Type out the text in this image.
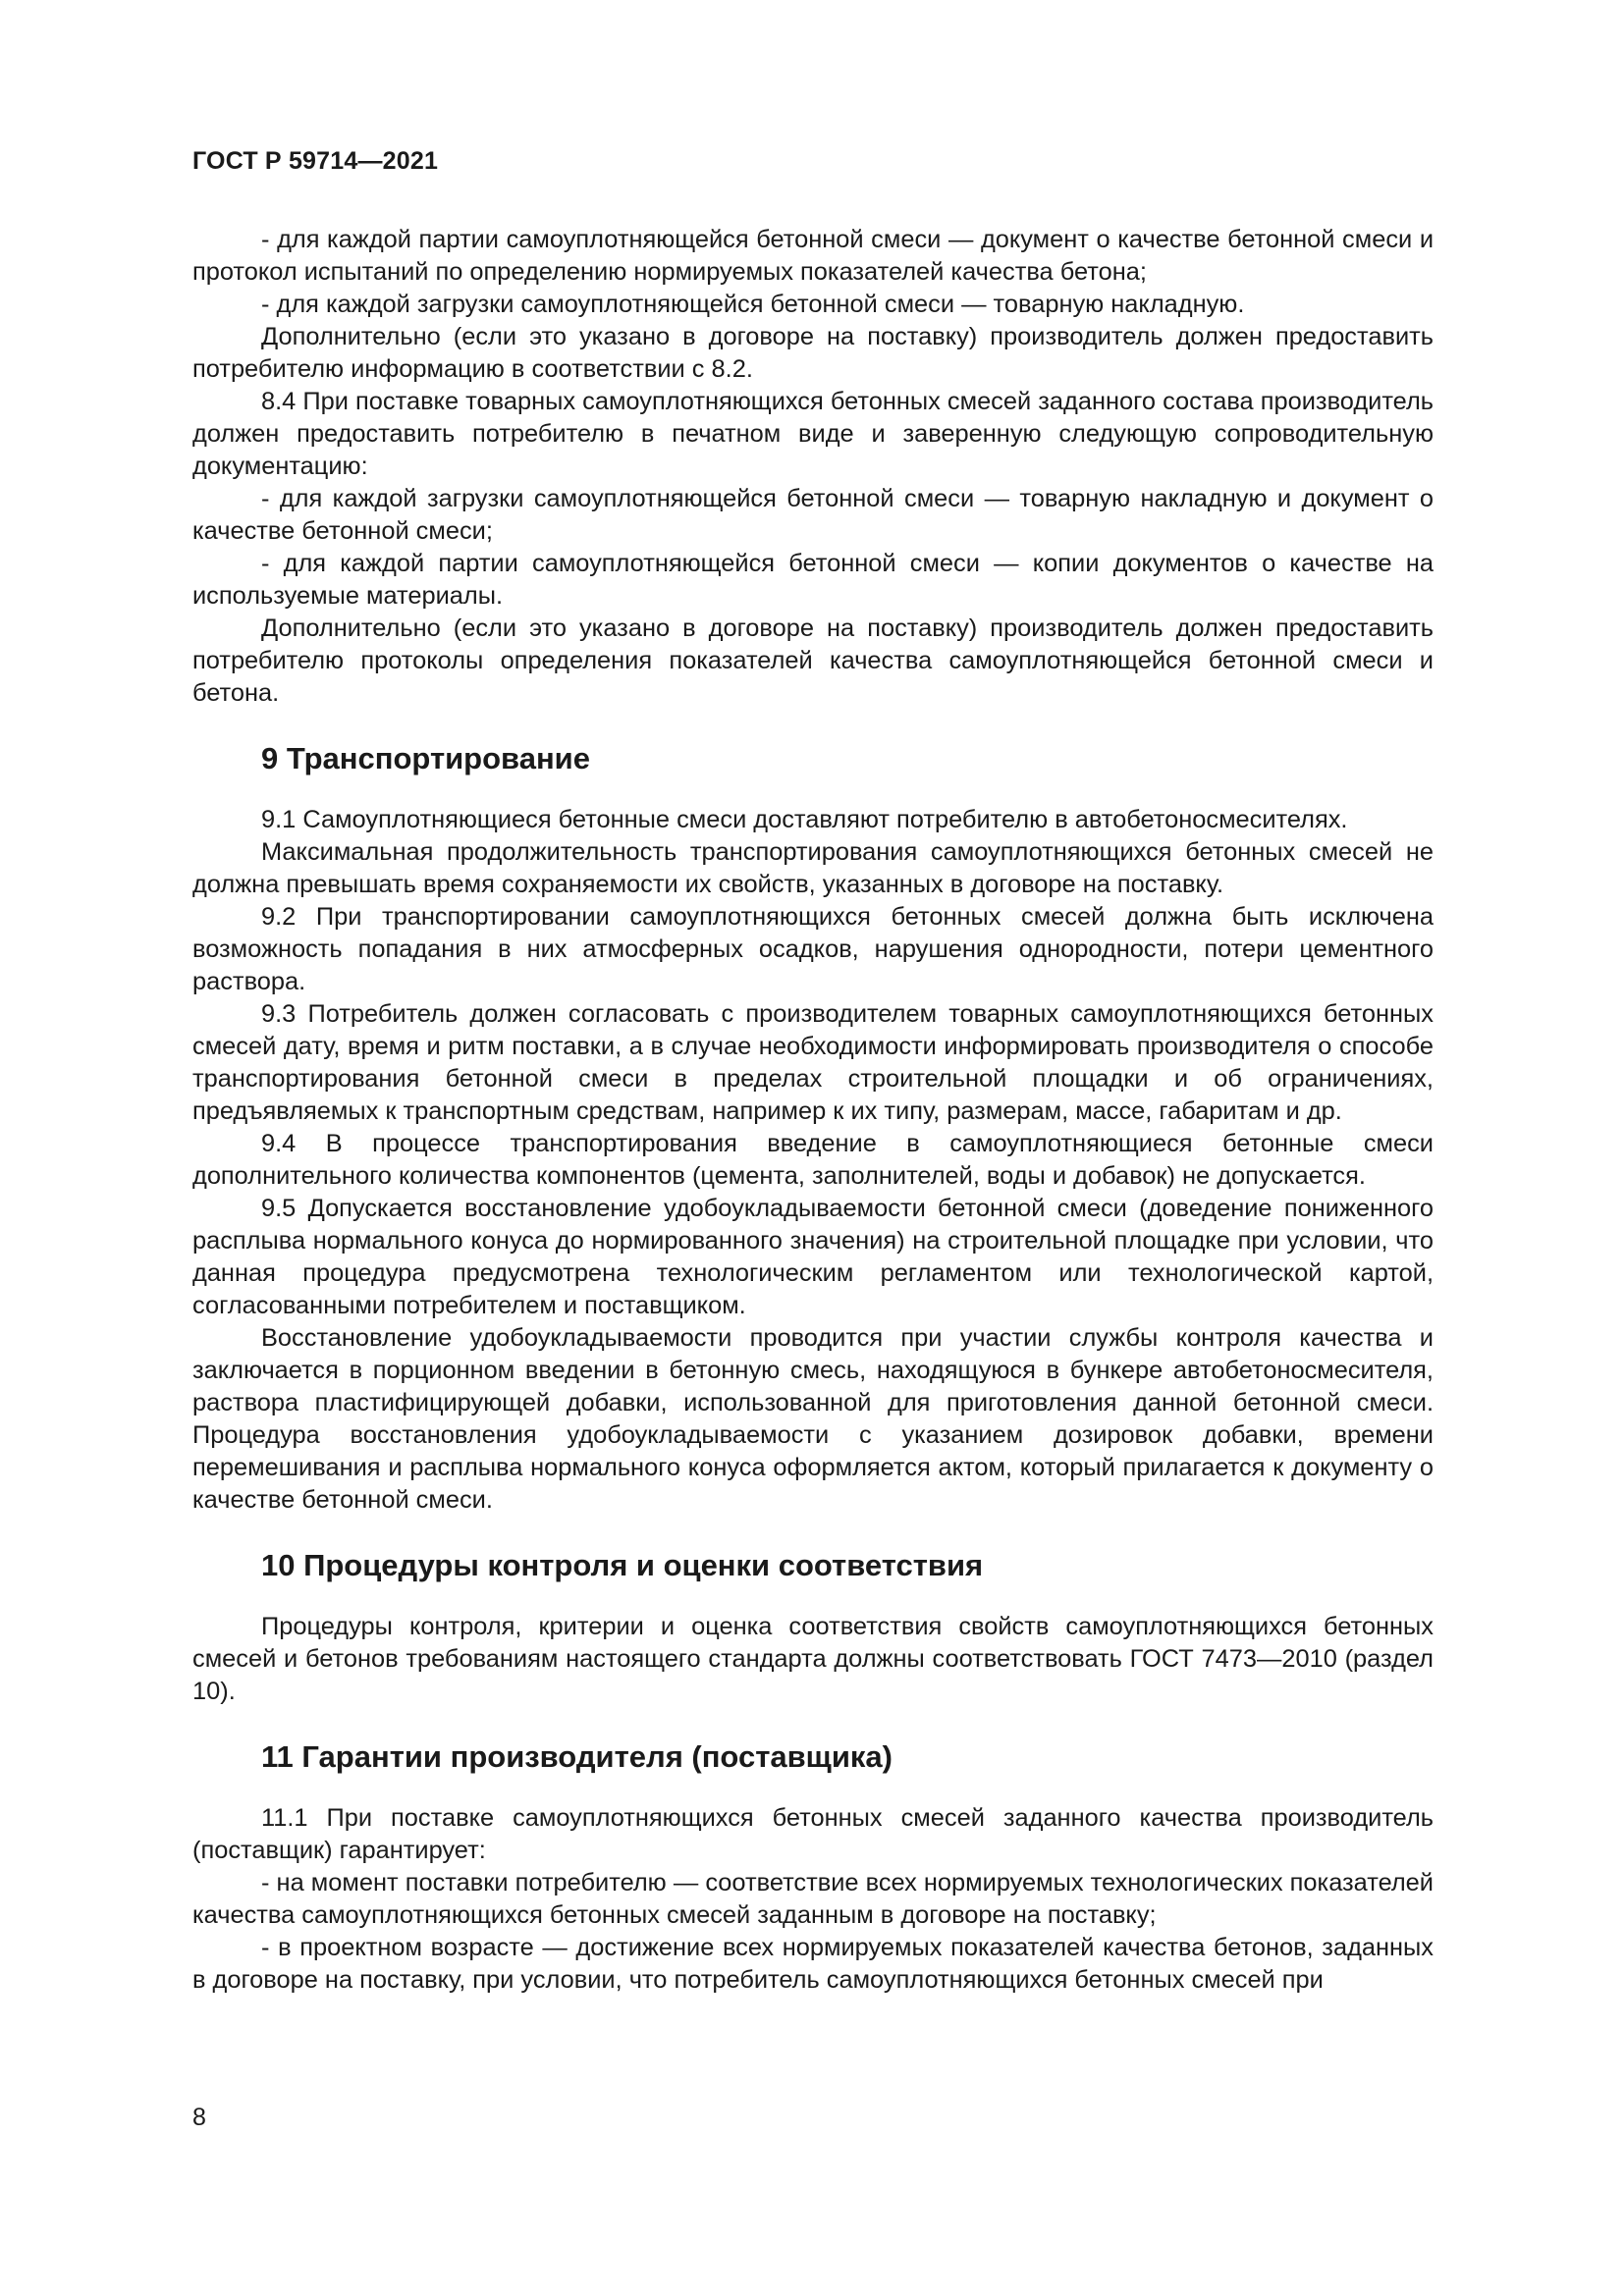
ГОСТ Р 59714—2021

- для каждой партии самоуплотняющейся бетонной смеси — документ о качестве бетонной смеси и протокол испытаний по определению нормируемых показателей качества бетона;

- для каждой загрузки самоуплотняющейся бетонной смеси — товарную накладную.

Дополнительно (если это указано в договоре на поставку) производитель должен предоставить потребителю информацию в соответствии с 8.2.

8.4 При поставке товарных самоуплотняющихся бетонных смесей заданного состава производитель должен предоставить потребителю в печатном виде и заверенную следующую сопроводительную документацию:

- для каждой загрузки самоуплотняющейся бетонной смеси — товарную накладную и документ о качестве бетонной смеси;

- для каждой партии самоуплотняющейся бетонной смеси — копии документов о качестве на используемые материалы.

Дополнительно (если это указано в договоре на поставку) производитель должен предоставить потребителю протоколы определения показателей качества самоуплотняющейся бетонной смеси и бетона.

9 Транспортирование

9.1 Самоуплотняющиеся бетонные смеси доставляют потребителю в автобетоносмесителях.

Максимальная продолжительность транспортирования самоуплотняющихся бетонных смесей не должна превышать время сохраняемости их свойств, указанных в договоре на поставку.

9.2 При транспортировании самоуплотняющихся бетонных смесей должна быть исключена возможность попадания в них атмосферных осадков, нарушения однородности, потери цементного раствора.

9.3 Потребитель должен согласовать с производителем товарных самоуплотняющихся бетонных смесей дату, время и ритм поставки, а в случае необходимости информировать производителя о способе транспортирования бетонной смеси в пределах строительной площадки и об ограничениях, предъявляемых к транспортным средствам, например к их типу, размерам, массе, габаритам и др.

9.4 В процессе транспортирования введение в самоуплотняющиеся бетонные смеси дополнительного количества компонентов (цемента, заполнителей, воды и добавок) не допускается.

9.5 Допускается восстановление удобоукладываемости бетонной смеси (доведение пониженного расплыва нормального конуса до нормированного значения) на строительной площадке при условии, что данная процедура предусмотрена технологическим регламентом или технологической картой, согласованными потребителем и поставщиком.

Восстановление удобоукладываемости проводится при участии службы контроля качества и заключается в порционном введении в бетонную смесь, находящуюся в бункере автобетоносмесителя, раствора пластифицирующей добавки, использованной для приготовления данной бетонной смеси. Процедура восстановления удобоукладываемости с указанием дозировок добавки, времени перемешивания и расплыва нормального конуса оформляется актом, который прилагается к документу о качестве бетонной смеси.

10 Процедуры контроля и оценки соответствия

Процедуры контроля, критерии и оценка соответствия свойств самоуплотняющихся бетонных смесей и бетонов требованиям настоящего стандарта должны соответствовать ГОСТ 7473—2010 (раздел 10).

11 Гарантии производителя (поставщика)

11.1 При поставке самоуплотняющихся бетонных смесей заданного качества производитель (поставщик) гарантирует:

- на момент поставки потребителю — соответствие всех нормируемых технологических показателей качества самоуплотняющихся бетонных смесей заданным в договоре на поставку;

- в проектном возрасте — достижение всех нормируемых показателей качества бетонов, заданных в договоре на поставку, при условии, что потребитель самоуплотняющихся бетонных смесей при

8
